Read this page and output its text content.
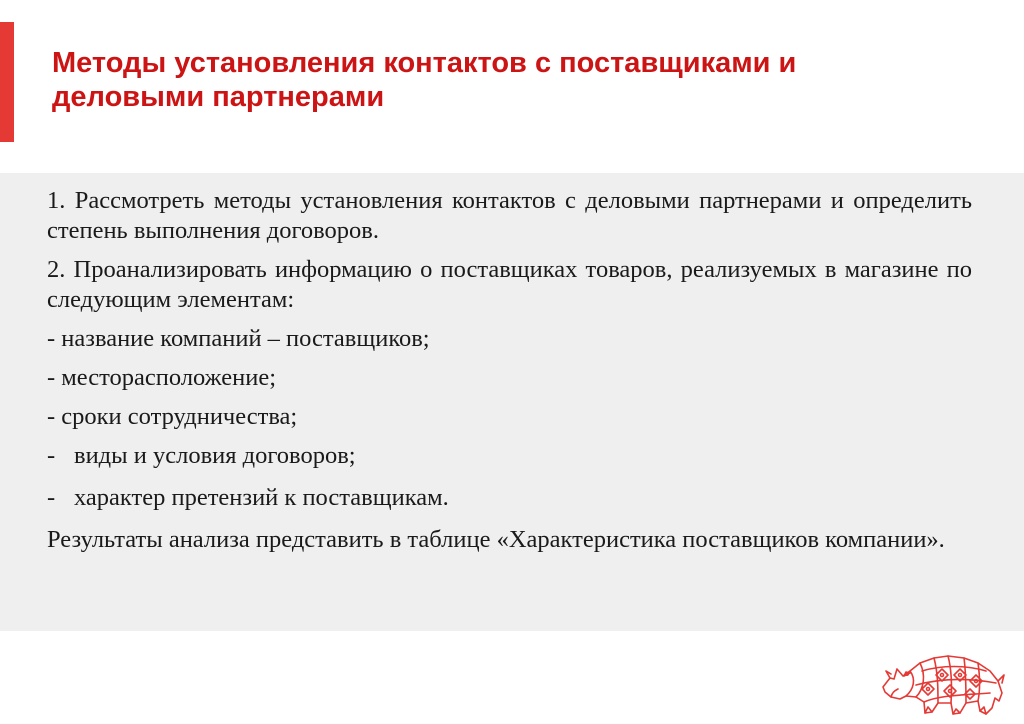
Методы установления контактов с поставщиками и
деловыми партнерами

1. Рассмотреть методы установления контактов с деловыми партнерами и определить степень выполнения договоров.

2. Проанализировать информацию о поставщиках товаров, реализуемых в магазине по следующим элементам:

- название компаний – поставщиков;

- месторасположение;

- сроки сотрудничества;

- виды и условия договоров;
- характер претензий к поставщикам.

Результаты анализа представить в таблице «Характеристика поставщиков компании».
